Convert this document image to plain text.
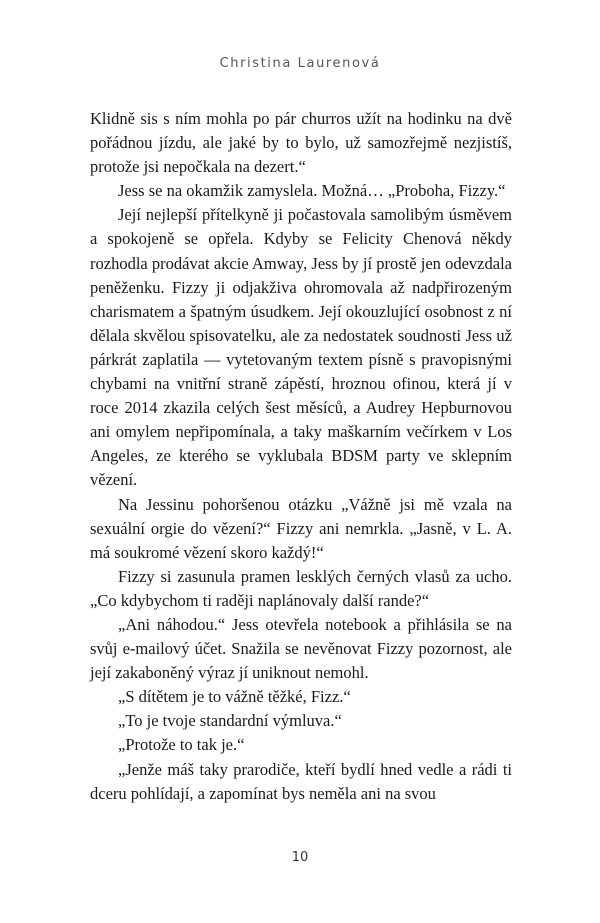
Christina Laurenová

Klidně sis s ním mohla po pár churros užít na hodinku na dvě pořádnou jízdu, ale jaké by to bylo, už samozřejmě nezjistíš, protože jsi nepočkala na dezert.“

Jess se na okamžik zamyslela. Možná… „Proboha, Fizzy.“

Její nejlepší přítelkyně ji počastovala samolibým úsměvem a spokojeně se opřela. Kdyby se Felicity Chenová někdy rozhodla prodávat akcie Amway, Jess by jí prostě jen odevzdala peněženku. Fizzy ji odjakživa ohromovala až nadpřirozeným charismatem a špatným úsudkem. Její okouzlující osobnost z ní dělala skvělou spisovatelku, ale za nedostatek soudnosti Jess už párkrát zaplatila — vytetovaným textem písně s pravopisnými chybami na vnitřní straně zápěstí, hroznou ofinou, která jí v roce 2014 zkazila celých šest měsíců, a Audrey Hepburnovou ani omylem nepřipomínala, a taky maškarním večírkem v Los Angeles, ze kterého se vyklubala BDSM party ve sklepním vězení.

Na Jessinu pohoršenou otázku „Vážně jsi mě vzala na sexuální orgie do vězení?“ Fizzy ani nemrkla. „Jasně, v L. A. má soukromé vězení skoro každý!“

Fizzy si zasunula pramen lesklých černých vlasů za ucho. „Co kdybychom ti raději naplánovaly další rande?“

„Ani náhodou.“ Jess otevřela notebook a přihlásila se na svůj e-mailový účet. Snažila se nevěnovat Fizzy pozornost, ale její zakaboněný výraz jí uniknout nemohl.

„S dítětem je to vážně těžké, Fizz.“

„To je tvoje standardní výmluva.“

„Protože to tak je.“

„Jenže máš taky prarodiče, kteří bydlí hned vedle a rádi ti dceru pohlídají, a zapomínat bys neměla ani na svou

10
